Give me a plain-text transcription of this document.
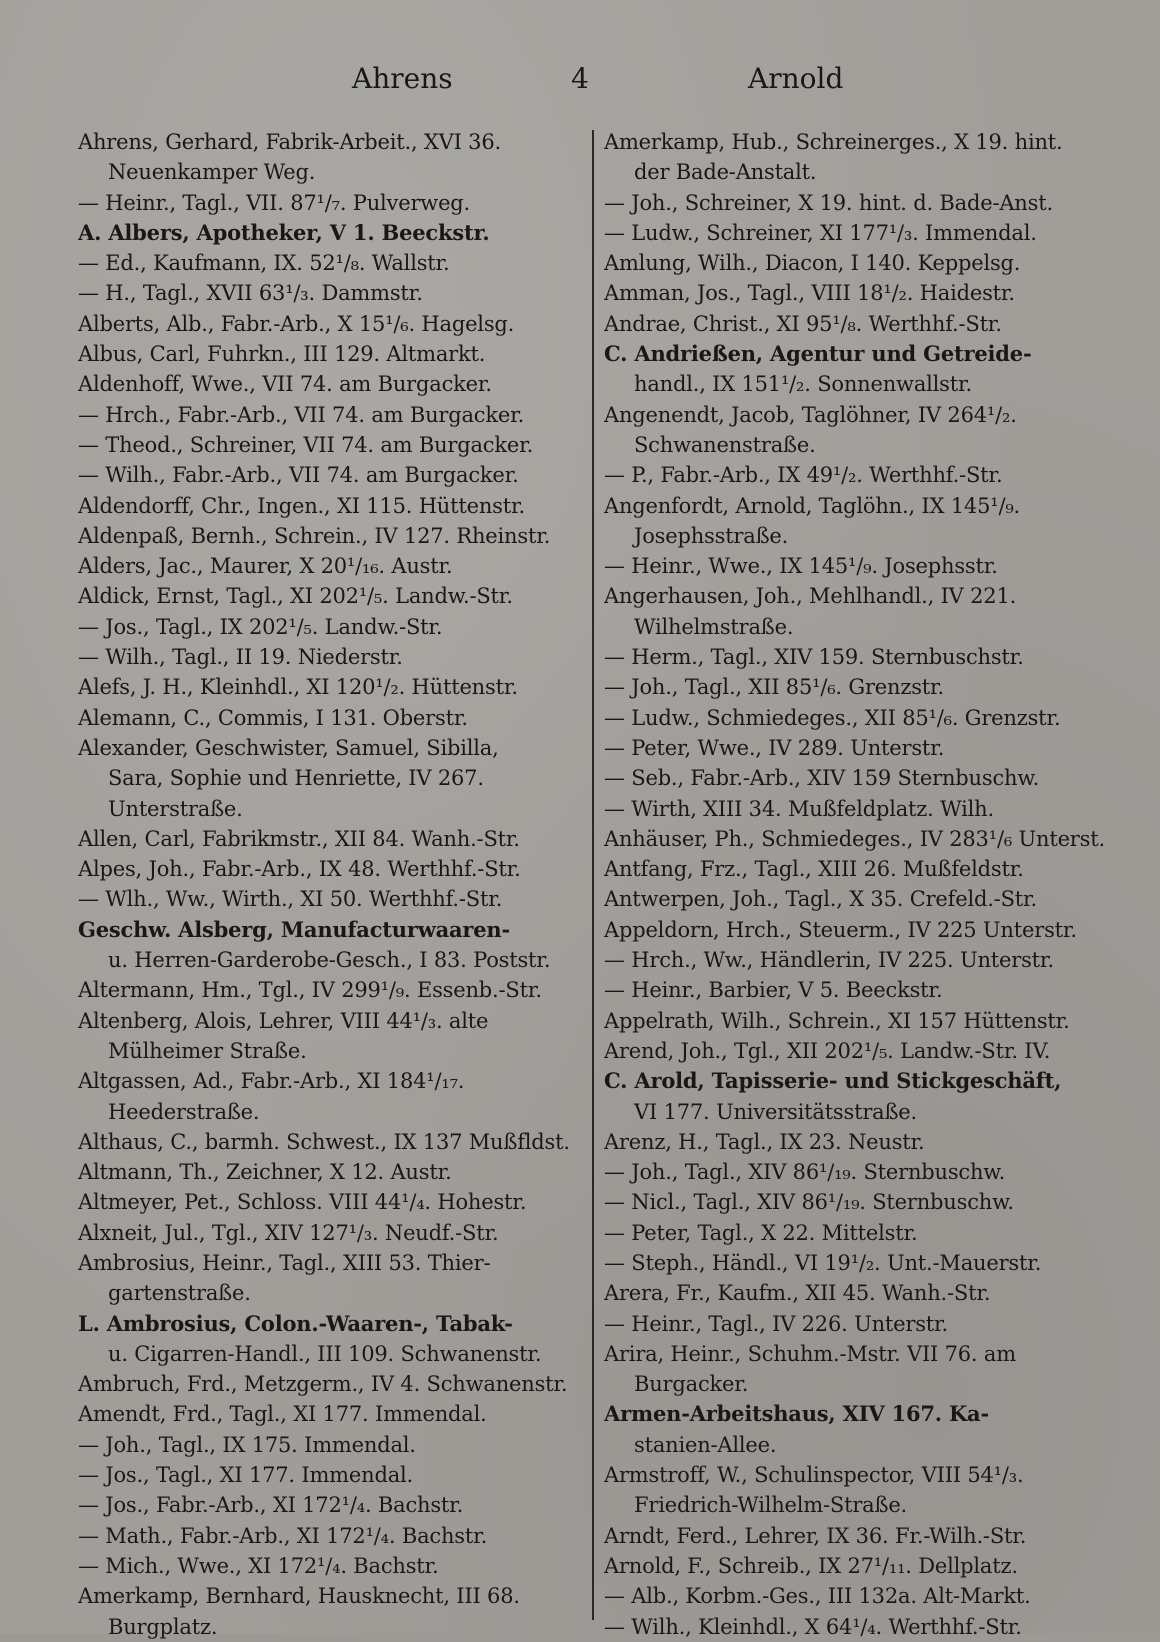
Ahrens	4	Arnold
Ahrens, Gerhard, Fabrik-Arbeit., XVI 36.
Neuenkamper Weg.
— Heinr., Tagl., VII. 87¹/₇. Pulverweg.
A. Albers, Apotheker, V 1. Beeckstr.
— Ed., Kaufmann, IX. 52¹/₈. Wallstr.
— H., Tagl., XVII 63¹/₃. Dammstr.
Alberts, Alb., Fabr.-Arb., X 15¹/₆. Hagelsg.
Albus, Carl, Fuhrkn., III 129. Altmarkt.
Aldenhoff, Wwe., VII 74. am Burgacker.
— Hrch., Fabr.-Arb., VII 74. am Burgacker.
— Theod., Schreiner, VII 74. am Burgacker.
— Wilh., Fabr.-Arb., VII 74. am Burgacker.
Aldendorff, Chr., Ingen., XI 115. Hüttenstr.
Aldenpaß, Bernh., Schrein., IV 127. Rheinstr.
Alders, Jac., Maurer, X 20¹/₁₆. Austr.
Aldick, Ernst, Tagl., XI 202¹/₅. Landw.-Str.
— Jos., Tagl., IX 202¹/₅. Landw.-Str.
— Wilh., Tagl., II 19. Niederstr.
Alefs, J. H., Kleinhdl., XI 120¹/₂. Hüttenstr.
Alemann, C., Commis, I 131. Oberstr.
Alexander, Geschwister, Samuel, Sibilla,
Sara, Sophie und Henriette, IV 267.
Unterstraße.
Allen, Carl, Fabrikmstr., XII 84. Wanh.-Str.
Alpes, Joh., Fabr.-Arb., IX 48. Werthhf.-Str.
— Wlh., Ww., Wirth., XI 50. Werthhf.-Str.
Geschw. Alsberg, Manufacturwaaren-
u. Herren-Garderobe-Gesch., I 83. Poststr.
Altermann, Hm., Tgl., IV 299¹/₉. Essenb.-Str.
Altenberg, Alois, Lehrer, VIII 44¹/₃. alte
Mülheimer Straße.
Altgassen, Ad., Fabr.-Arb., XI 184¹/₁₇.
Heederstraße.
Althaus, C., barmh. Schwest., IX 137 Mußfldst.
Altmann, Th., Zeichner, X 12. Austr.
Altmeyer, Pet., Schloss. VIII 44¹/₄. Hohestr.
Alxneit, Jul., Tgl., XIV 127¹/₃. Neudf.-Str.
Ambrosius, Heinr., Tagl., XIII 53. Thier-
gartenstraße.
L. Ambrosius, Colon.-Waaren-, Tabak-
u. Cigarren-Handl., III 109. Schwanenstr.
Ambruch, Frd., Metzgerm., IV 4. Schwanenstr.
Amendt, Frd., Tagl., XI 177. Immendal.
— Joh., Tagl., IX 175. Immendal.
— Jos., Tagl., XI 177. Immendal.
— Jos., Fabr.-Arb., XI 172¹/₄. Bachstr.
— Math., Fabr.-Arb., XI 172¹/₄. Bachstr.
— Mich., Wwe., XI 172¹/₄. Bachstr.
Amerkamp, Bernhard, Hausknecht, III 68.
Burgplatz.
Amerkamp, Hub., Schreinerges., X 19. hint.
der Bade-Anstalt.
— Joh., Schreiner, X 19. hint. d. Bade-Anst.
— Ludw., Schreiner, XI 177¹/₃. Immendal.
Amlung, Wilh., Diacon, I 140. Keppelsg.
Amman, Jos., Tagl., VIII 18¹/₂. Haidestr.
Andrae, Christ., XI 95¹/₈. Werthhf.-Str.
C. Andrießen, Agentur und Getreide-
handl., IX 151¹/₂. Sonnenwallstr.
Angenendt, Jacob, Taglöhner, IV 264¹/₂.
Schwanenstraße.
— P., Fabr.-Arb., IX 49¹/₂. Werthhf.-Str.
Angenfordt, Arnold, Taglöhn., IX 145¹/₉.
Josephsstraße.
— Heinr., Wwe., IX 145¹/₉. Josephsstr.
Angerhausen, Joh., Mehlhandl., IV 221.
Wilhelmstraße.
— Herm., Tagl., XIV 159. Sternbuschstr.
— Joh., Tagl., XII 85¹/₆. Grenzstr.
— Ludw., Schmiedeges., XII 85¹/₆. Grenzstr.
— Peter, Wwe., IV 289. Unterstr.
— Seb., Fabr.-Arb., XIV 159 Sternbuschw.
— Wirth, XIII 34. Mußfeldplatz. Wilh.
Anhäuser, Ph., Schmiedeges., IV 283¹/₆ Unterst.
Antfang, Frz., Tagl., XIII 26. Mußfeldstr.
Antwerpen, Joh., Tagl., X 35. Crefeld.-Str.
Appeldorn, Hrch., Steuerm., IV 225 Unterstr.
— Hrch., Ww., Händlerin, IV 225. Unterstr.
— Heinr., Barbier, V 5. Beeckstr.
Appelrath, Wilh., Schrein., XI 157 Hüttenstr.
Arend, Joh., Tgl., XII 202¹/₅. Landw.-Str. IV.
C. Arold, Tapisserie- und Stickgeschäft,
VI 177. Universitätsstraße.
Arenz, H., Tagl., IX 23. Neustr.
— Joh., Tagl., XIV 86¹/₁₉. Sternbuschw.
— Nicl., Tagl., XIV 86¹/₁₉. Sternbuschw.
— Peter, Tagl., X 22. Mittelstr.
— Steph., Händl., VI 19¹/₂. Unt.-Mauerstr.
Arera, Fr., Kaufm., XII 45. Wanh.-Str.
— Heinr., Tagl., IV 226. Unterstr.
Arira, Heinr., Schuhm.-Mstr. VII 76. am
Burgacker.
Armen-Arbeitshaus, XIV 167. Ka-
stanien-Allee.
Armstroff, W., Schulinspector, VIII 54¹/₃.
Friedrich-Wilhelm-Straße.
Arndt, Ferd., Lehrer, IX 36. Fr.-Wilh.-Str.
Arnold, F., Schreib., IX 27¹/₁₁. Dellplatz.
— Alb., Korbm.-Ges., III 132a. Alt-Markt.
— Wilh., Kleinhdl., X 64¹/₄. Werthhf.-Str.
